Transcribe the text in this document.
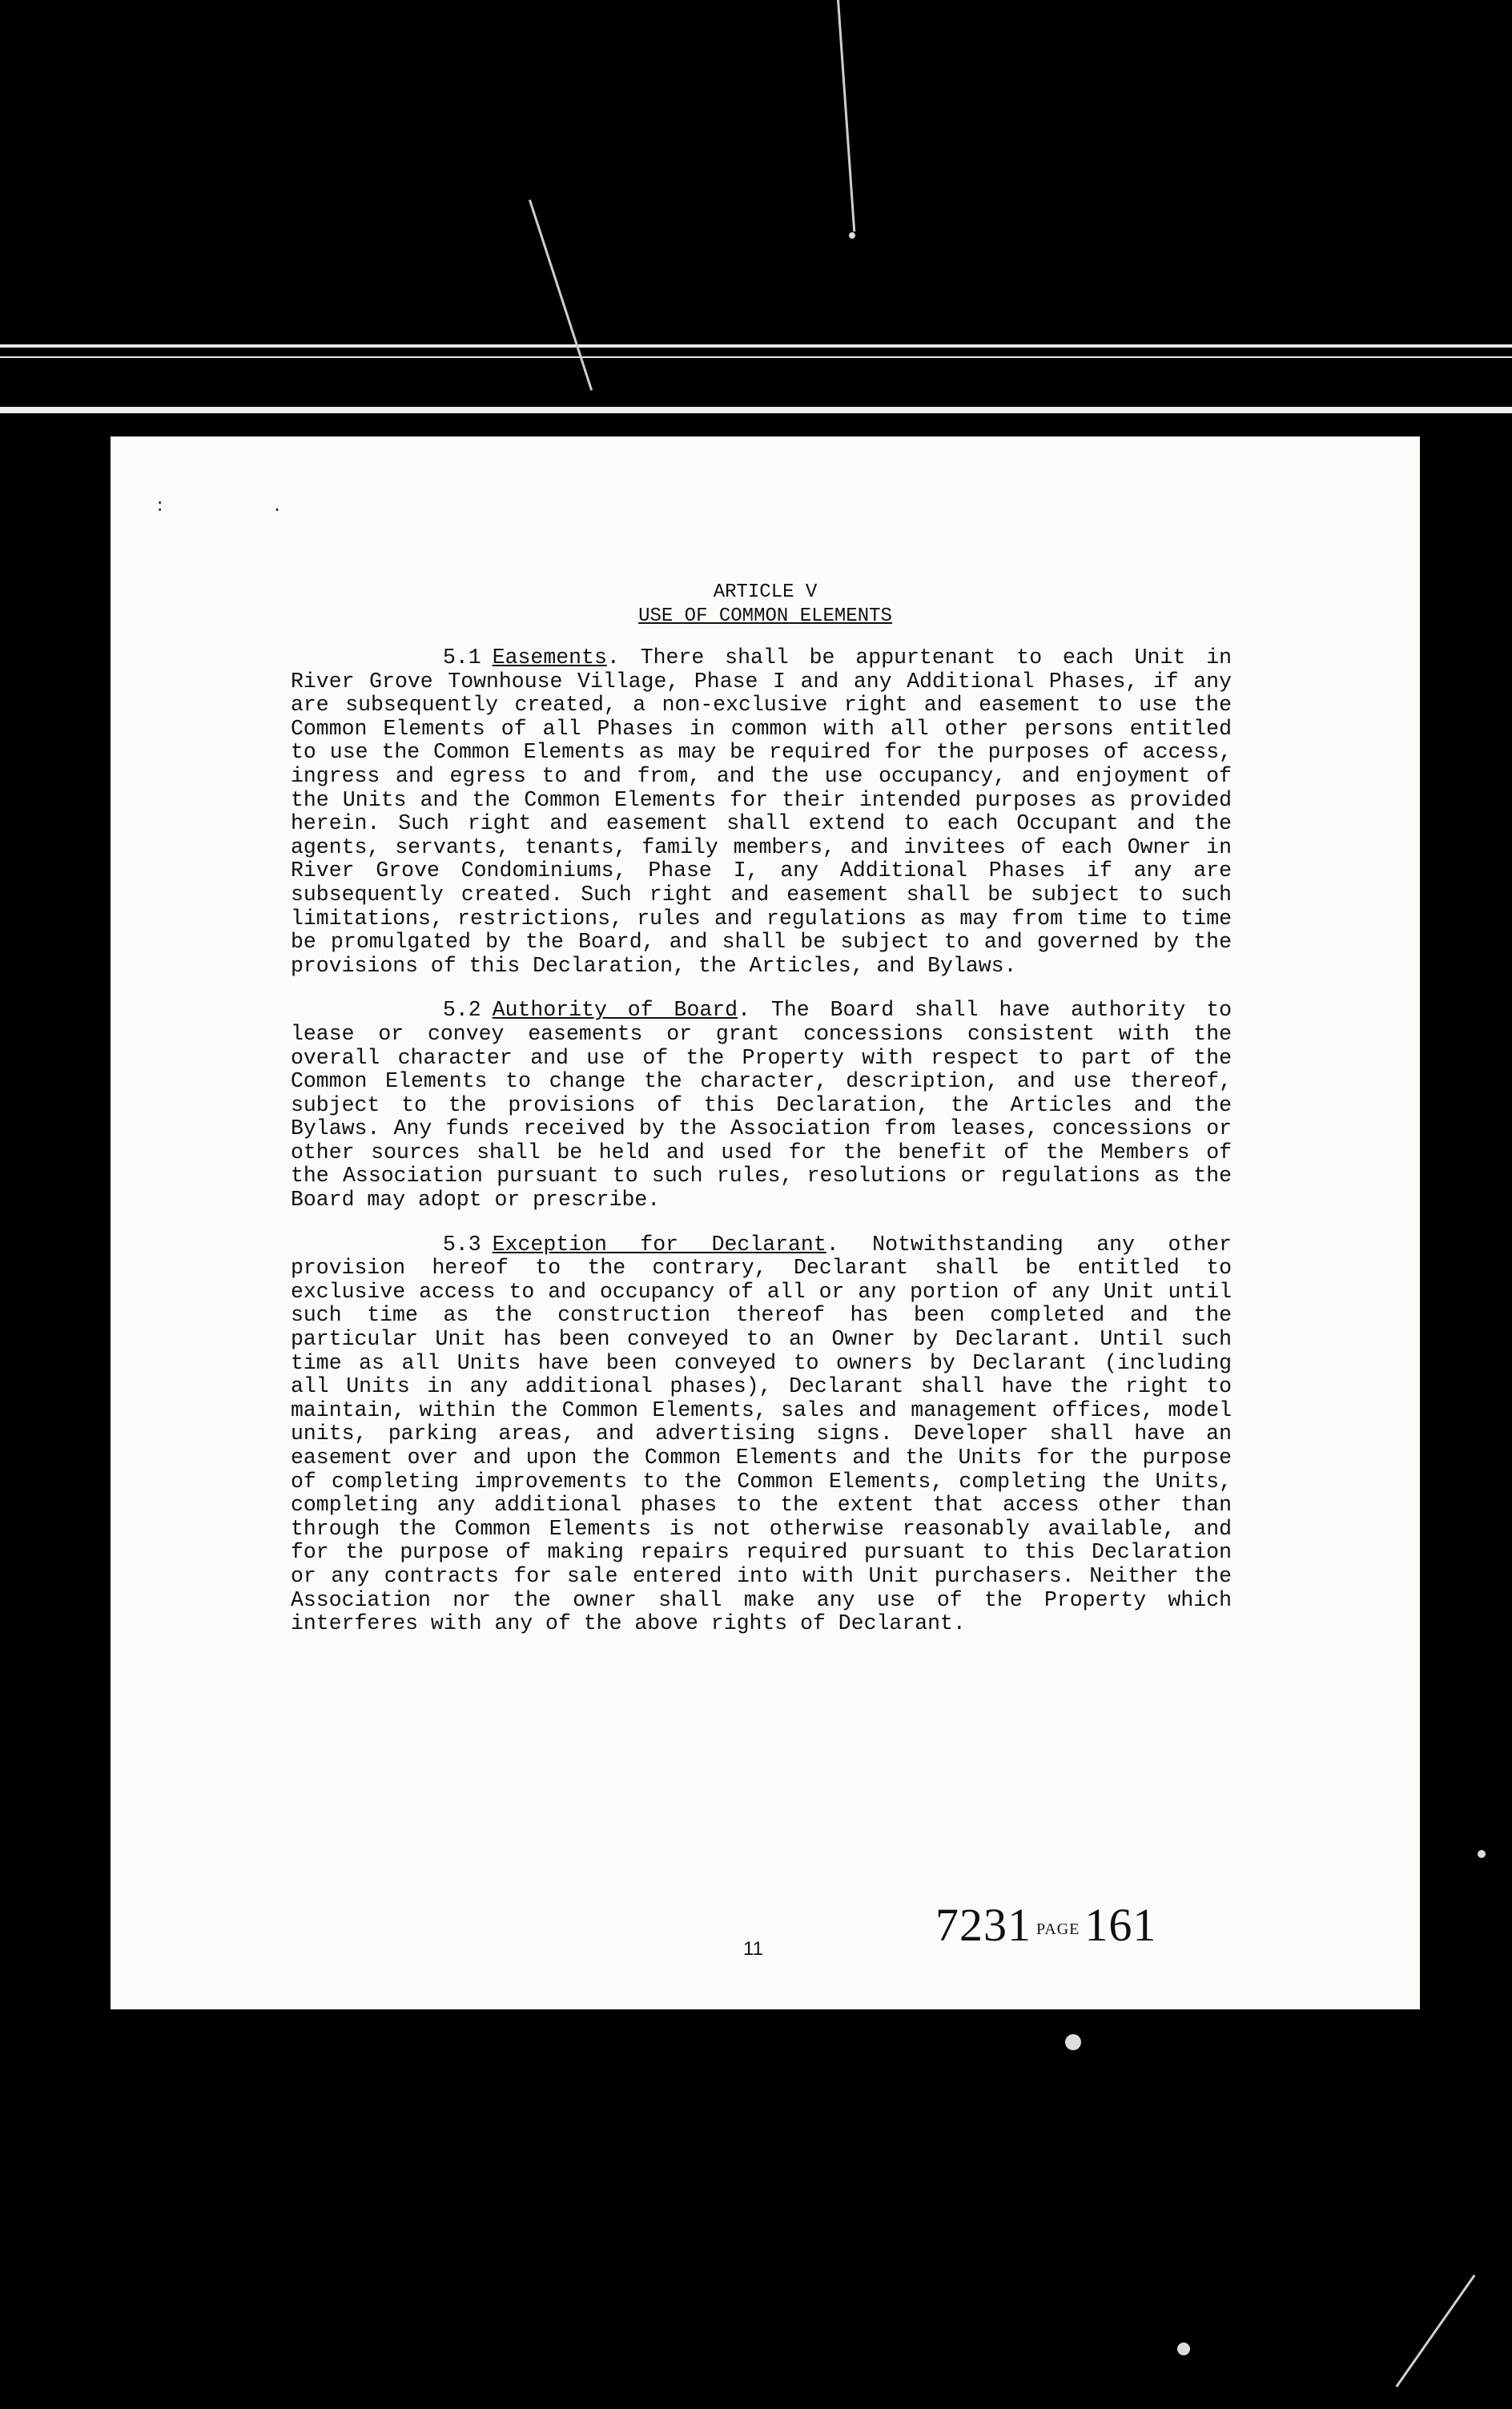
: .
ARTICLE V
USE OF COMMON ELEMENTS

5.1 Easements. There shall be appurtenant to each Unit in River Grove Townhouse Village, Phase I and any Additional Phases, if any are subsequently created, a non-exclusive right and easement to use the Common Elements of all Phases in common with all other persons entitled to use the Common Elements as may be required for the purposes of access, ingress and egress to and from, and the use occupancy, and enjoyment of the Units and the Common Elements for their intended purposes as provided herein. Such right and easement shall extend to each Occupant and the agents, servants, tenants, family members, and invitees of each Owner in River Grove Condominiums, Phase I, any Additional Phases if any are subsequently created. Such right and easement shall be subject to such limitations, restrictions, rules and regulations as may from time to time be promulgated by the Board, and shall be subject to and governed by the provisions of this Declaration, the Articles, and Bylaws.

5.2 Authority of Board. The Board shall have authority to lease or convey easements or grant concessions consistent with the overall character and use of the Property with respect to part of the Common Elements to change the character, description, and use thereof, subject to the provisions of this Declaration, the Articles and the Bylaws. Any funds received by the Association from leases, concessions or other sources shall be held and used for the benefit of the Members of the Association pursuant to such rules, resolutions or regulations as the Board may adopt or prescribe.

5.3 Exception for Declarant. Notwithstanding any other provision hereof to the contrary, Declarant shall be entitled to exclusive access to and occupancy of all or any portion of any Unit until such time as the construction thereof has been completed and the particular Unit has been conveyed to an Owner by Declarant. Until such time as all Units have been conveyed to owners by Declarant (including all Units in any additional phases), Declarant shall have the right to maintain, within the Common Elements, sales and management offices, model units, parking areas, and advertising signs. Developer shall have an easement over and upon the Common Elements and the Units for the purpose of completing improvements to the Common Elements, completing the Units, completing any additional phases to the extent that access other than through the Common Elements is not otherwise reasonably available, and for the purpose of making repairs required pursuant to this Declaration or any contracts for sale entered into with Unit purchasers. Neither the Association nor the owner shall make any use of the Property which interferes with any of the above rights of Declarant.

11	7231 PAGE 161
